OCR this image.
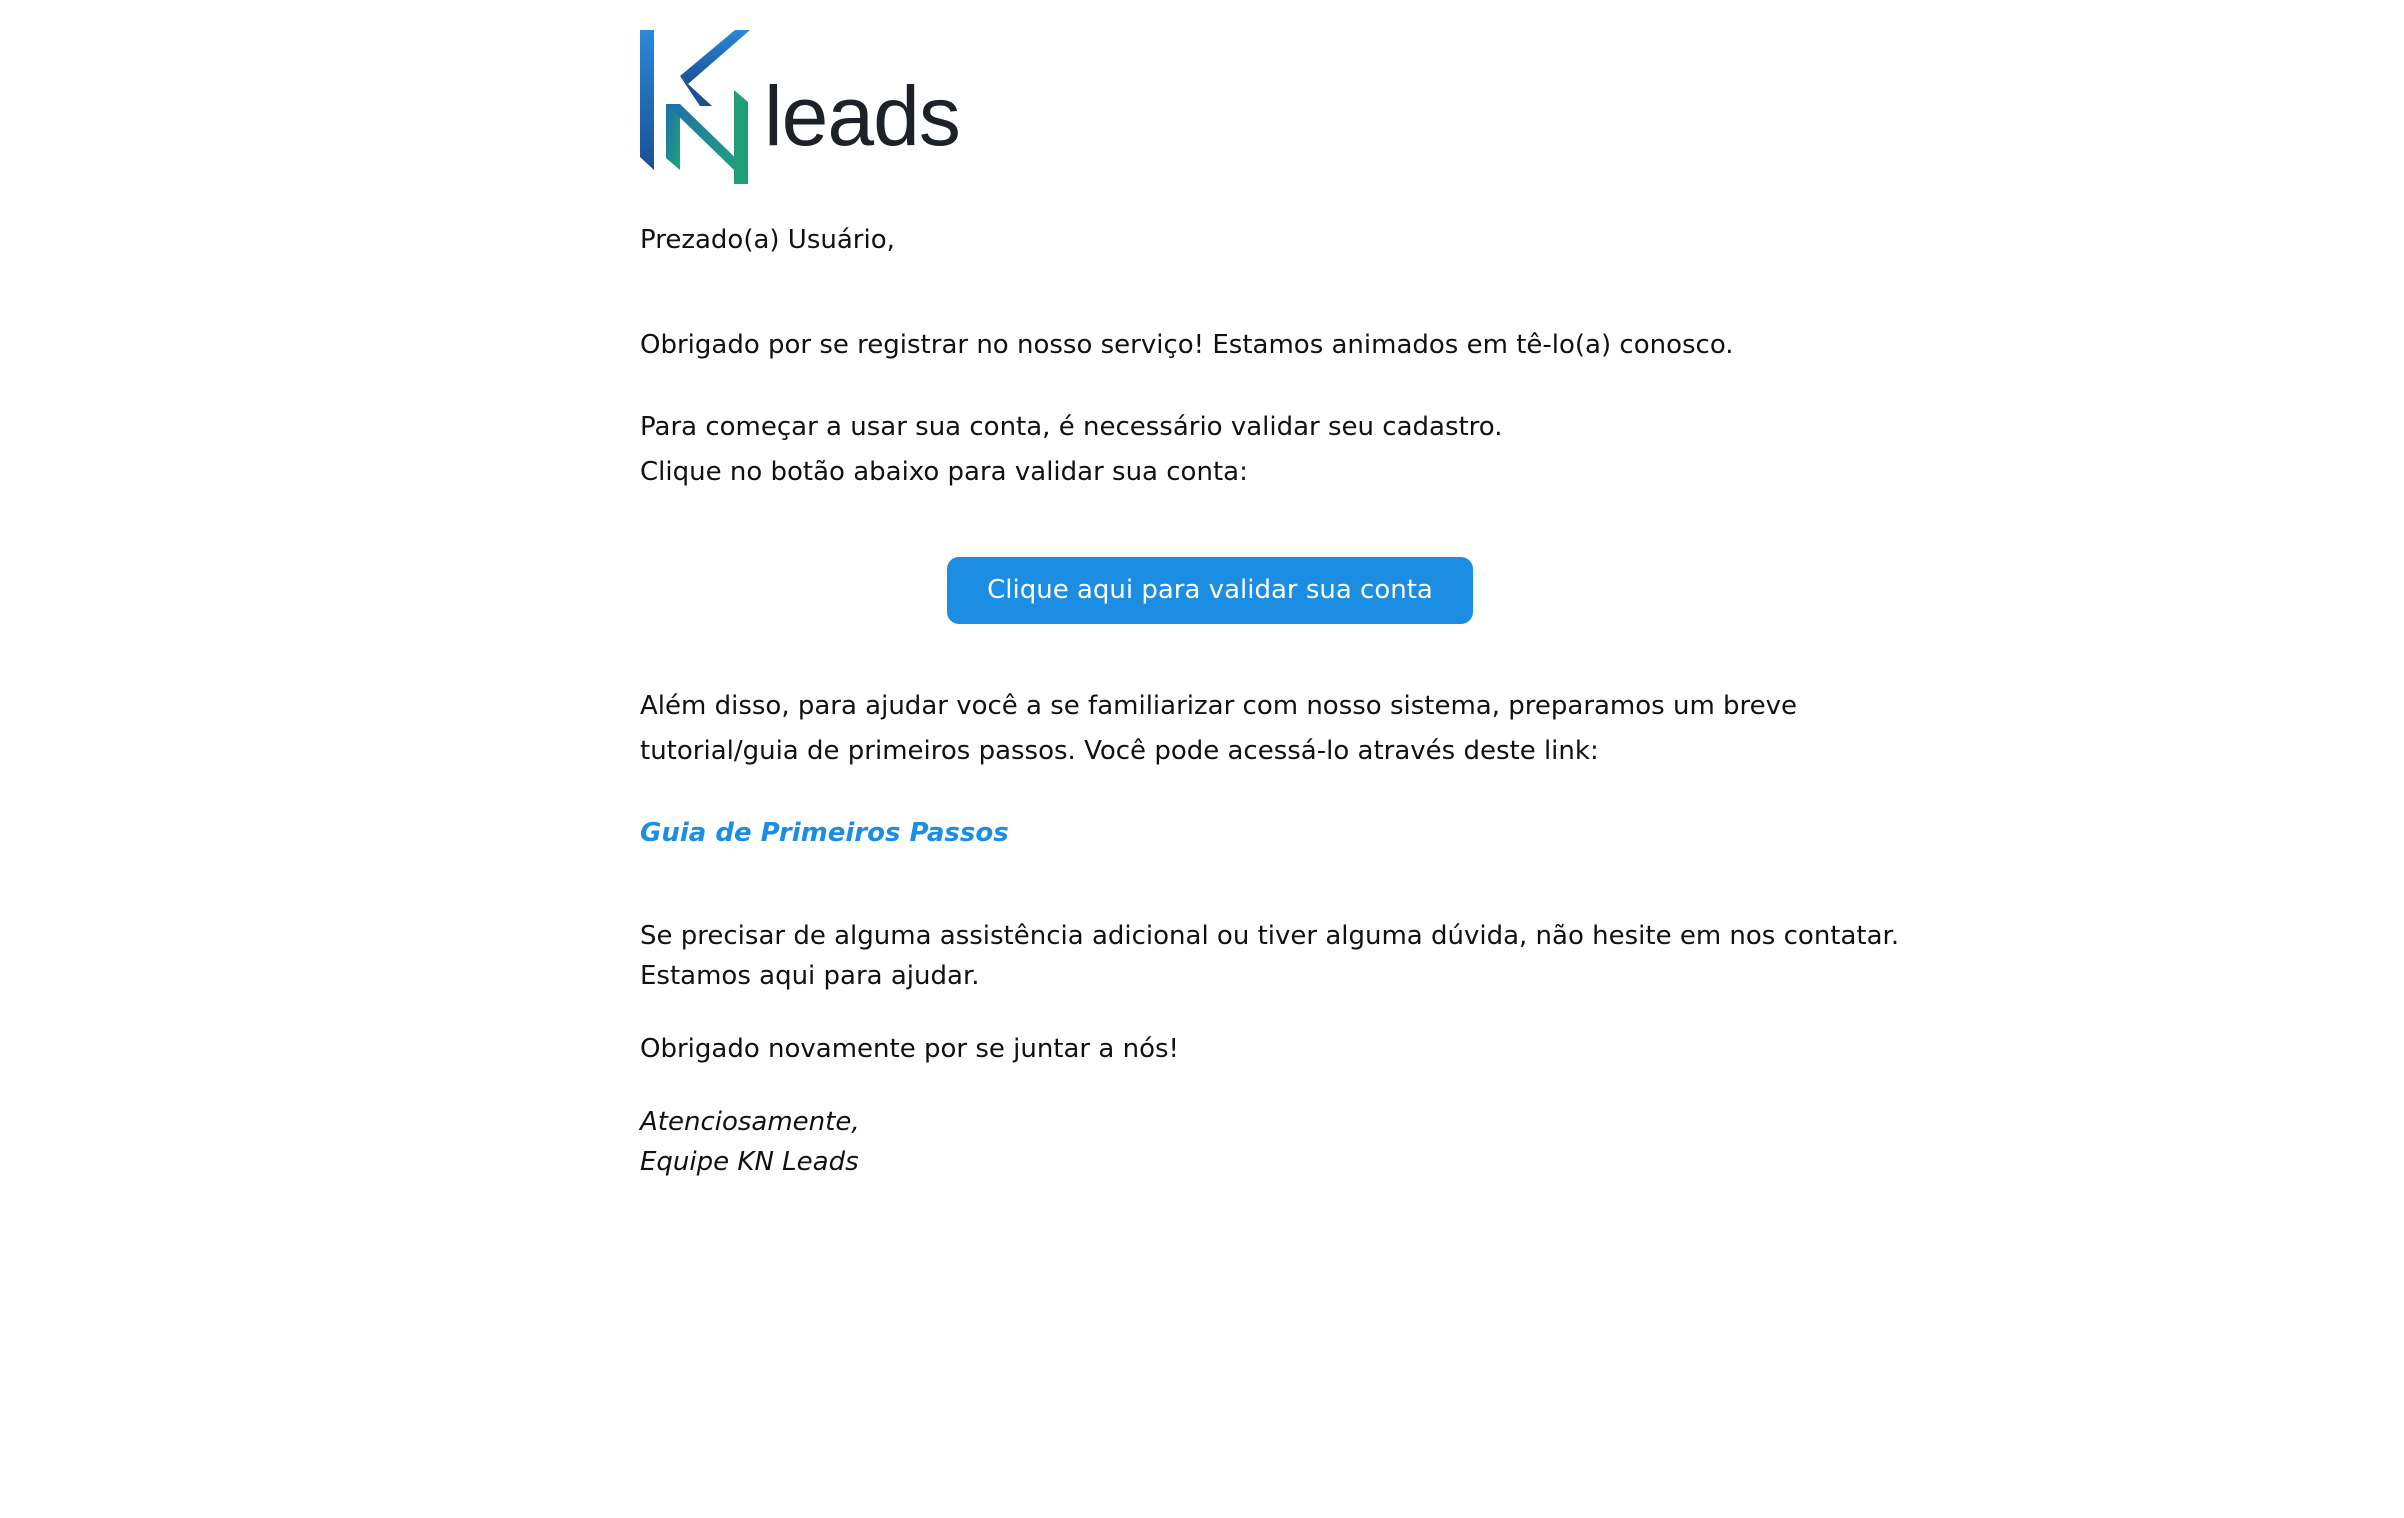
leads

Prezado(a) Usuário,

Obrigado por se registrar no nosso serviço! Estamos animados em tê-lo(a) conosco.

Para começar a usar sua conta, é necessário validar seu cadastro.

Clique no botão abaixo para validar sua conta:

Clique aqui para validar sua conta

Além disso, para ajudar você a se familiarizar com nosso sistema, preparamos um breve

tutorial/guia de primeiros passos. Você pode acessá-lo através deste link:

Guia de Primeiros Passos

Se precisar de alguma assistência adicional ou tiver alguma dúvida, não hesite em nos contatar.

Estamos aqui para ajudar.

Obrigado novamente por se juntar a nós!

Atenciosamente,

Equipe KN Leads
